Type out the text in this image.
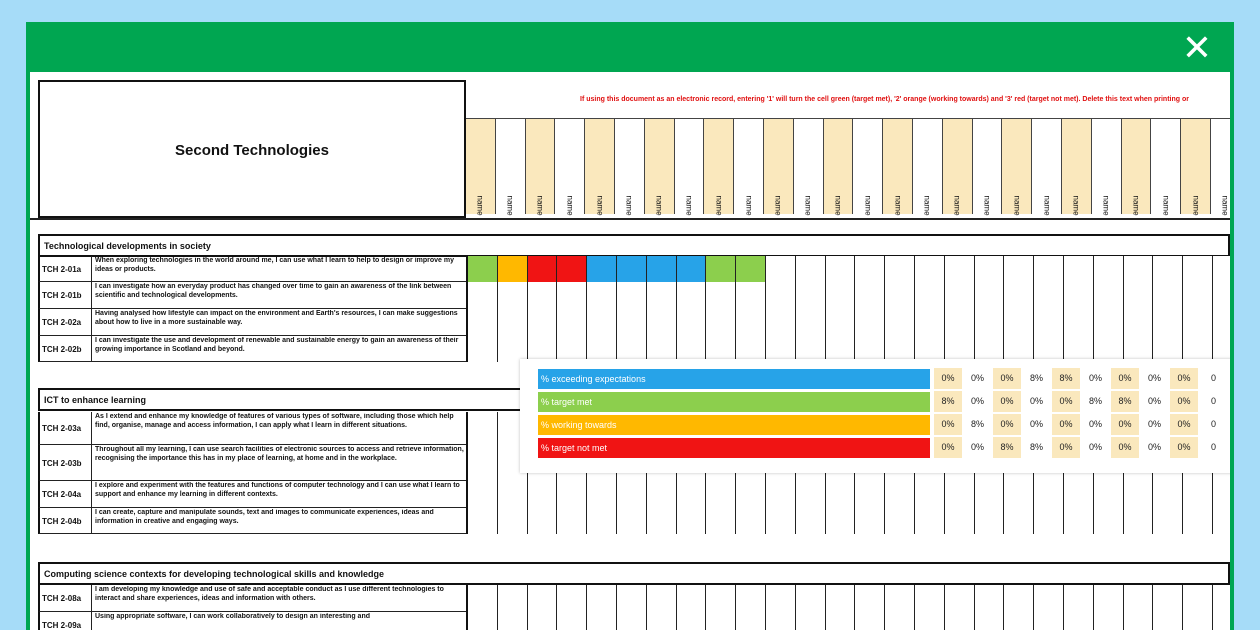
✕
Second Technologies
If using this document as an electronic record, entering '1' will turn the cell green (target met), '2' orange (working towards) and '3' red (target not met). Delete this text when printing or
name	name	name	name	name	name	name	name	name	name	name	name	name	name	name	name	name	name	name	name	name	name	name	name	name	name
Technological developments in society
TCH 2-01a
When exploring technologies in the world around me, I can use what I learn to help to design or improve my ideas or products.
TCH 2-01b
I can investigate how an everyday product has changed over time to gain an awareness of the link between scientific and technological developments.
TCH 2-02a
Having analysed how lifestyle can impact on the environment and Earth's resources, I can make suggestions about how to live in a more sustainable way.
TCH 2-02b
I can investigate the use and development of renewable and sustainable energy to gain an awareness of their growing importance in Scotland and beyond.
ICT to enhance learning
TCH 2-03a
As I extend and enhance my knowledge of features of various types of software, including those which help find, organise, manage and access information, I can apply what I learn in different situations.
TCH 2-03b
Throughout all my learning, I can use search facilities of electronic sources to access and retrieve information, recognising the importance this has in my place of learning, at home and in the workplace.
TCH 2-04a
I explore and experiment with the features and functions of computer technology and I can use what I learn to support and enhance my learning in different contexts.
TCH 2-04b
I can create, capture and manipulate sounds, text and images to communicate experiences, ideas and information in creative and engaging ways.
Computing science contexts for developing technological skills and knowledge
TCH 2-08a
I am developing my knowledge and use of safe and acceptable conduct as I use different technologies to interact and share experiences, ideas and information with others.
TCH 2-09a
Using appropriate software, I can work collaboratively to design an interesting and
% exceeding expectations	0%	0%	0%	8%	8%	0%	0%	0%	0%	0
% target met	8%	0%	0%	0%	0%	8%	8%	0%	0%	0
% working towards	0%	8%	0%	0%	0%	0%	0%	0%	0%	0
% target not met	0%	0%	8%	8%	0%	0%	0%	0%	0%	0
